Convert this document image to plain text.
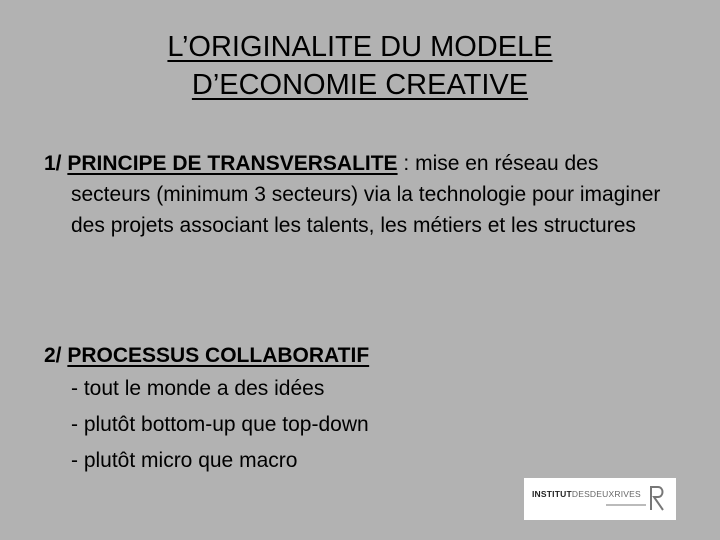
L’ORIGINALITE DU MODELE
D’ECONOMIE CREATIVE
1/ PRINCIPE DE TRANSVERSALITE : mise en réseau des
secteurs (minimum 3 secteurs) via la technologie pour imaginer des projets associant les talents, les métiers et les structures
2/ PROCESSUS COLLABORATIF
- tout le monde a des idées
- plutôt bottom-up que top-down
- plutôt micro que macro
INSTITUTDESDEUXRIVES
